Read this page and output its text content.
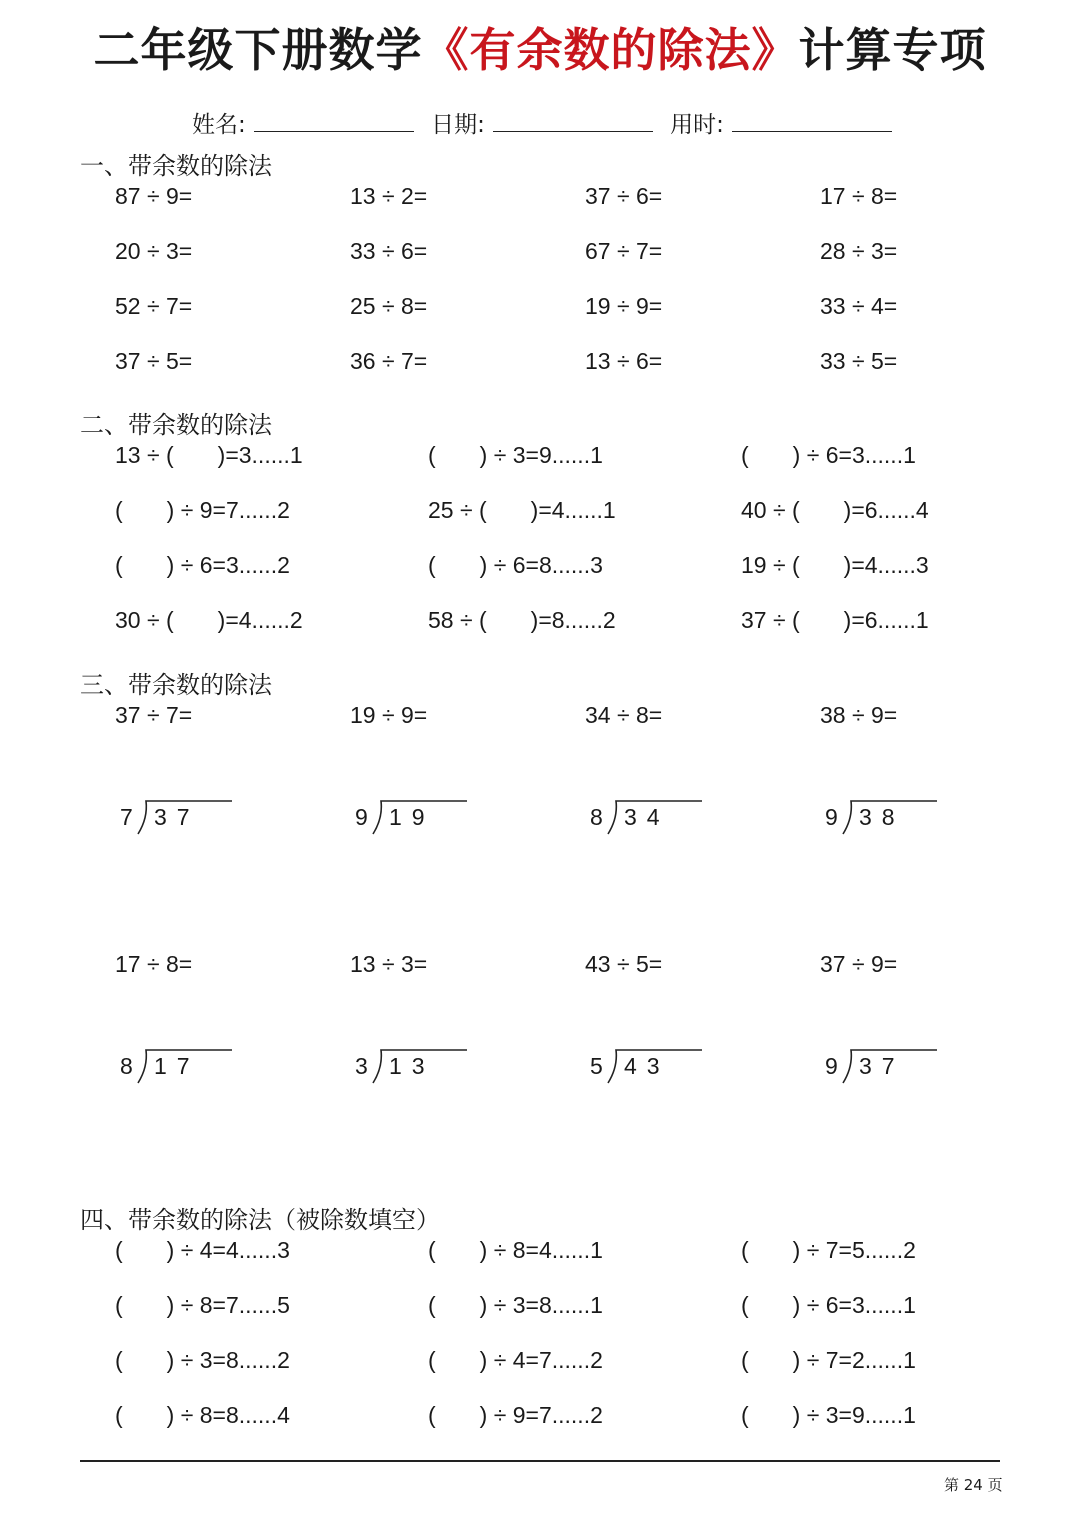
二年级下册数学《有余数的除法》计算专项
姓名:	日期:	用时:
一、带余数的除法
二、带余数的除法
三、带余数的除法
四、带余数的除法（被除数填空）
87 ÷ 9=	13 ÷ 2=	37 ÷ 6=	17 ÷ 8=
20 ÷ 3=	33 ÷ 6=	67 ÷ 7=	28 ÷ 3=
52 ÷ 7=	25 ÷ 8=	19 ÷ 9=	33 ÷ 4=
37 ÷ 5=	36 ÷ 7=	13 ÷ 6=	33 ÷ 5=
13 ÷ ( )=3......1	( ) ÷ 3=9......1	( ) ÷ 6=3......1
( ) ÷ 9=7......2	25 ÷ ( )=4......1	40 ÷ ( )=6......4
( ) ÷ 6=3......2	( ) ÷ 6=8......3	19 ÷ ( )=4......3
30 ÷ ( )=4......2	58 ÷ ( )=8......2	37 ÷ ( )=6......1
( ) ÷ 4=4......3	( ) ÷ 8=4......1	( ) ÷ 7=5......2
( ) ÷ 8=7......5	( ) ÷ 3=8......1	( ) ÷ 6=3......1
( ) ÷ 3=8......2	( ) ÷ 4=7......2	( ) ÷ 7=2......1
( ) ÷ 8=8......4	( ) ÷ 9=7......2	( ) ÷ 3=9......1
37 ÷ 7=	19 ÷ 9=	34 ÷ 8=	38 ÷ 9=
7 37	9 19	8 34	9 38
17 ÷ 8=	13 ÷ 3=	43 ÷ 5=	37 ÷ 9=
8 17	3 13	5 43	9 37
第 24 页
